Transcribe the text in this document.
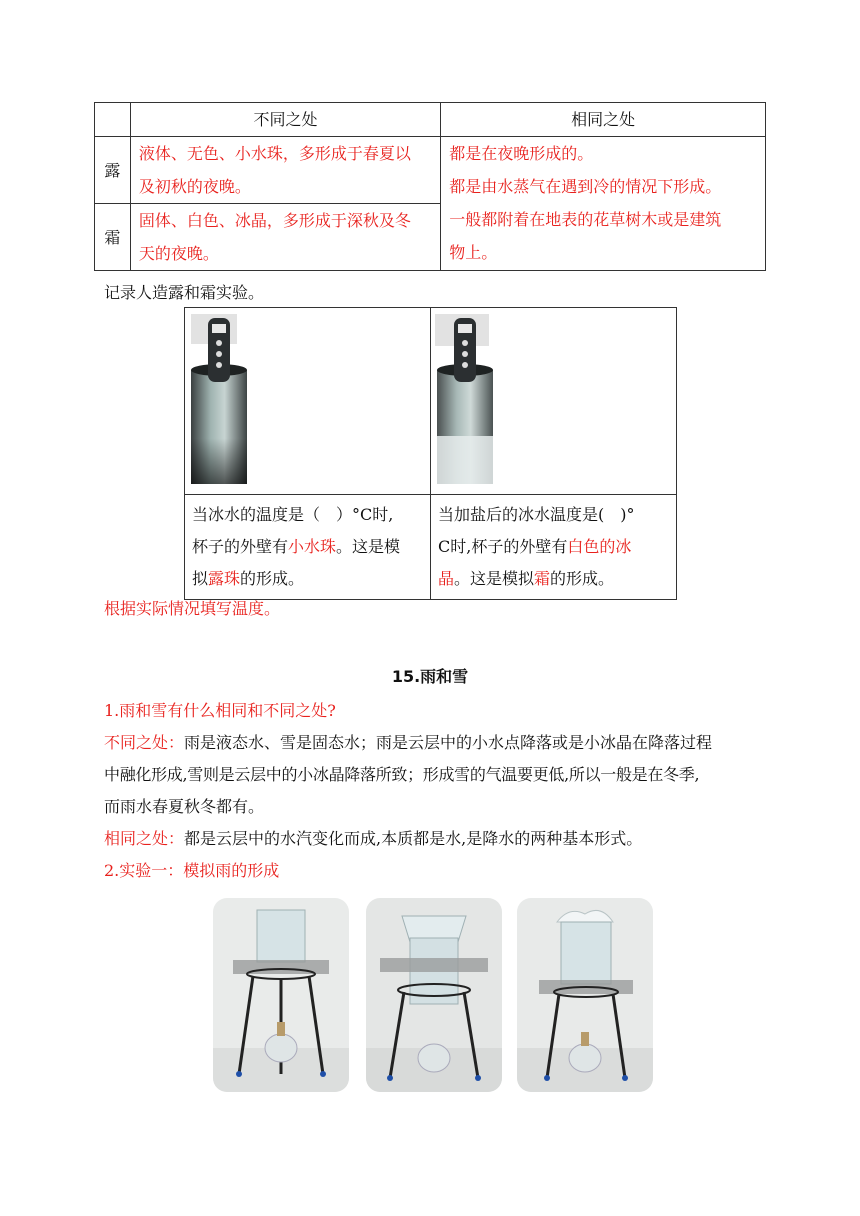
	不同之处	相同之处
露	液体、无色、小水珠，多形成于春夏以
及初秋的夜晚。	都是在夜晚形成的。
都是由水蒸气在遇到冷的情况下形成。
一般都附着在地表的花草树木或是建筑
物上。

霜	固体、白色、冰晶，多形成于深秋及冬
天的夜晚。	
记录人造露和霜实验。

当冰水的温度是（　）°C时,
杯子的外壁有小水珠。这是模
拟露珠的形成。	当加盐后的冰水温度是(　)°
C时,杯子的外壁有白色的冰
晶。这是模拟霜的形成。
根据实际情况填写温度。
15.雨和雪
1.雨和雪有什么相同和不同之处?
不同之处：雨是液态水、雪是固态水；雨是云层中的小水点降落或是小冰晶在降落过程
中融化形成,雪则是云层中的小冰晶降落所致；形成雪的气温要更低,所以一般是在冬季,
而雨水春夏秋冬都有。
相同之处：都是云层中的水汽变化而成,本质都是水,是降水的两种基本形式。
2.实验一：模拟雨的形成
